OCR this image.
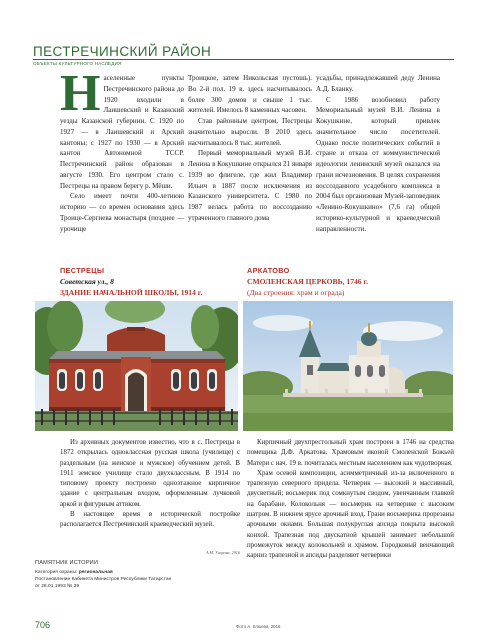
ПЕСТРЕЧИНСКИЙ РАЙОН
ОБЪЕКТЫ КУЛЬТУРНОГО НАСЛЕДИЯ

Населенные пункты Пестречинского района до 1920 входили в Лаишевский и Казанский уезды Казанской губернии. С 1920 по 1927 — в Лаишевский и Арский кантоны; с 1927 по 1930 — в Арский кантон Автономной ТССР. Пестречинский район образован в августе 1930. Его центром стало с. Пестрецы на правом берегу р. Мёши.

Село имеет почти 400-летнюю историю — со времен основания здесь Троице-Сергиева монастыря (позднее — урочище

Троицкое, затем Никольская пустошь). Во 2-й пол. 19 в. здесь насчитывалось более 300 домов и свыше 1 тыс. жителей. Имелось 8 каменных часовен.

Став районным центром, Пестрецы значительно выросли. В 2010 здесь насчитывалось 8 тыс. жителей.

Первый мемориальный музей В.И. Ленина в Кокушкине открылся 21 января 1939 во флигеле, где жил Владимир Ильич в 1887 после исключения из Казанского университета. С 1980 по 1987 велась работа по воссозданию утраченного главного дома

усадьбы, принадлежавшей деду Ленина А.Д. Бланку.

С 1986 возобновил работу Мемориальный музей В.И. Ленина в Кокушкине, который привлек значительное число посетителей. Однако после политических событий в стране и отказа от коммунистической идеологии ленинский музей оказался на грани исчезновения. В целях сохранения воссозданного усадебного комплекса в 2004 был организован Музей-заповедник «Ленино-Кокушкино» (7,6 га) общей историко-культурной и краеведческой направленности.

ПЕСТРЕЦЫ
Советская ул., 8
ЗДАНИЕ НАЧАЛЬНОЙ ШКОЛЫ, 1914 г.
АРКАТОВО
СМОЛЕНСКАЯ ЦЕРКОВЬ, 1746 г.
(Два строения: храм и ограда)

Из архивных документов известно, что в с. Пестрецы в 1872 открылась одноклассная русская школа (училище) с раздельным (на женское и мужское) обучением детей. В 1911 земское училище стало двухклассным. В 1914 по типовому проекту построено одноэтажное кирпичное здание с центральным входом, оформленным лучковой аркой и фигурным аттиком.

В настоящее время в исторической постройке располагается Пестречинский краеведческий музей.

А.М. Угарова, 2016
ПАМЯТНИК ИСТОРИИ
Категория охраны: региональная
Постановление Кабинета Министров Республики Татарстан
от 28.01.1993 № 39

Кирпичный двухпрестольный храм построен в 1746 на средства помещика Д.Ф. Аркатова. Храмовым иконой Смоленской Божьей Матери с нач. 19 в. почиталась местным населением как чудотворная.

Храм осевой композиции, асимметричный из-за включенного в трапезную северного придела. Четверик — высокий и массивный, двусветный; восьмерик под сомкнутым сводом, увенчанным главкой на барабане. Колокольня — восьмерик на четверике с высоким шатром. В нижнем ярусе арочный вход. Грани восьмерика прорезаны арочными окнами. Большая полукруглая апсида покрыта высокой конхой. Трапезная под двускатной крышей занимает небольшой промежуток между колокольней и храмом. Городковый венчающий карниз трапезной и апсиды разделяют четверики

706	Фото А. Клюева, 2016
